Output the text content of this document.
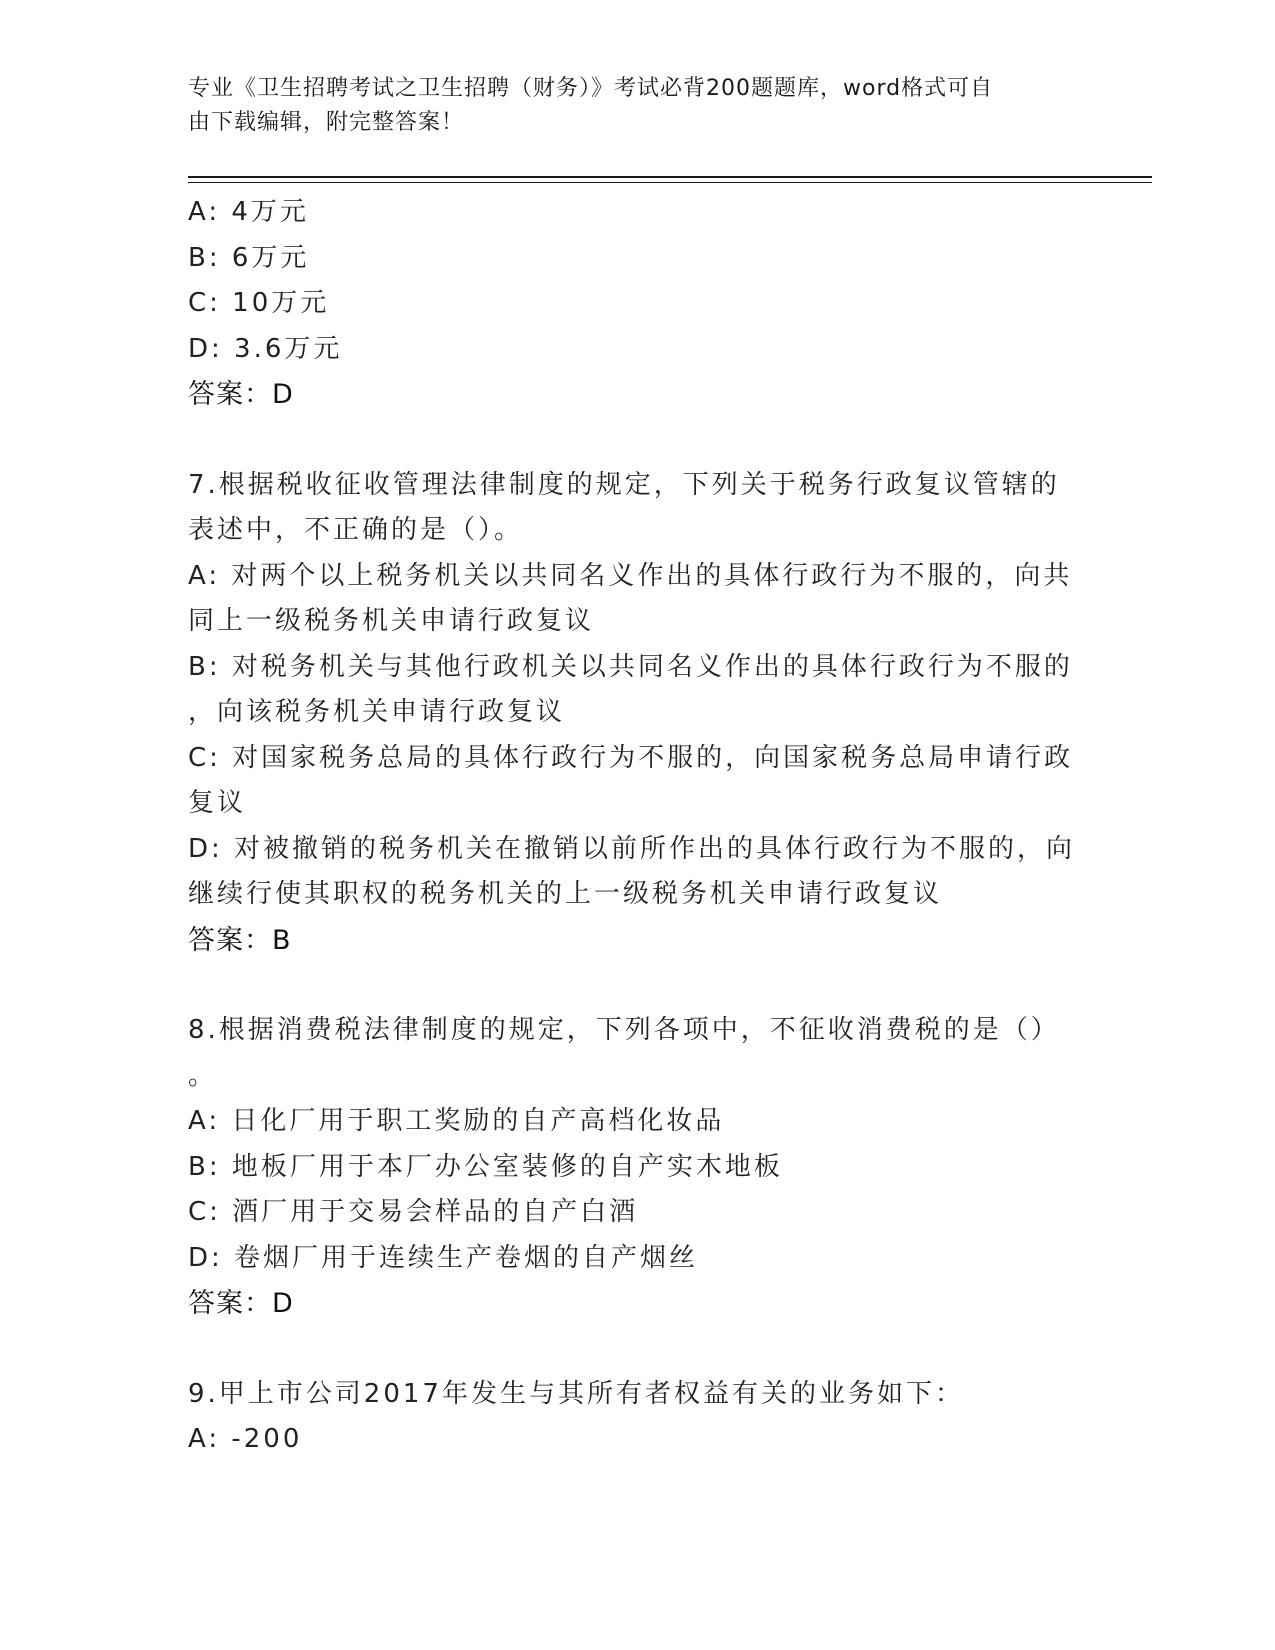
专业《卫生招聘考试之卫生招聘（财务）》考试必背200题题库，word格式可自
由下载编辑，附完整答案！
A: 4万元
B: 6万元
C: 10万元
D: 3.6万元
答案：D
7.根据税收征收管理法律制度的规定，下列关于税务行政复议管辖的
表述中，不正确的是（）。
A: 对两个以上税务机关以共同名义作出的具体行政行为不服的，向共
同上一级税务机关申请行政复议
B: 对税务机关与其他行政机关以共同名义作出的具体行政行为不服的
，向该税务机关申请行政复议
C: 对国家税务总局的具体行政行为不服的，向国家税务总局申请行政
复议
D: 对被撤销的税务机关在撤销以前所作出的具体行政行为不服的，向
继续行使其职权的税务机关的上一级税务机关申请行政复议
答案：B
8.根据消费税法律制度的规定，下列各项中，不征收消费税的是（）
。
A: 日化厂用于职工奖励的自产高档化妆品
B: 地板厂用于本厂办公室装修的自产实木地板
C: 酒厂用于交易会样品的自产白酒
D: 卷烟厂用于连续生产卷烟的自产烟丝
答案：D
9.甲上市公司2017年发生与其所有者权益有关的业务如下：
A: -200
